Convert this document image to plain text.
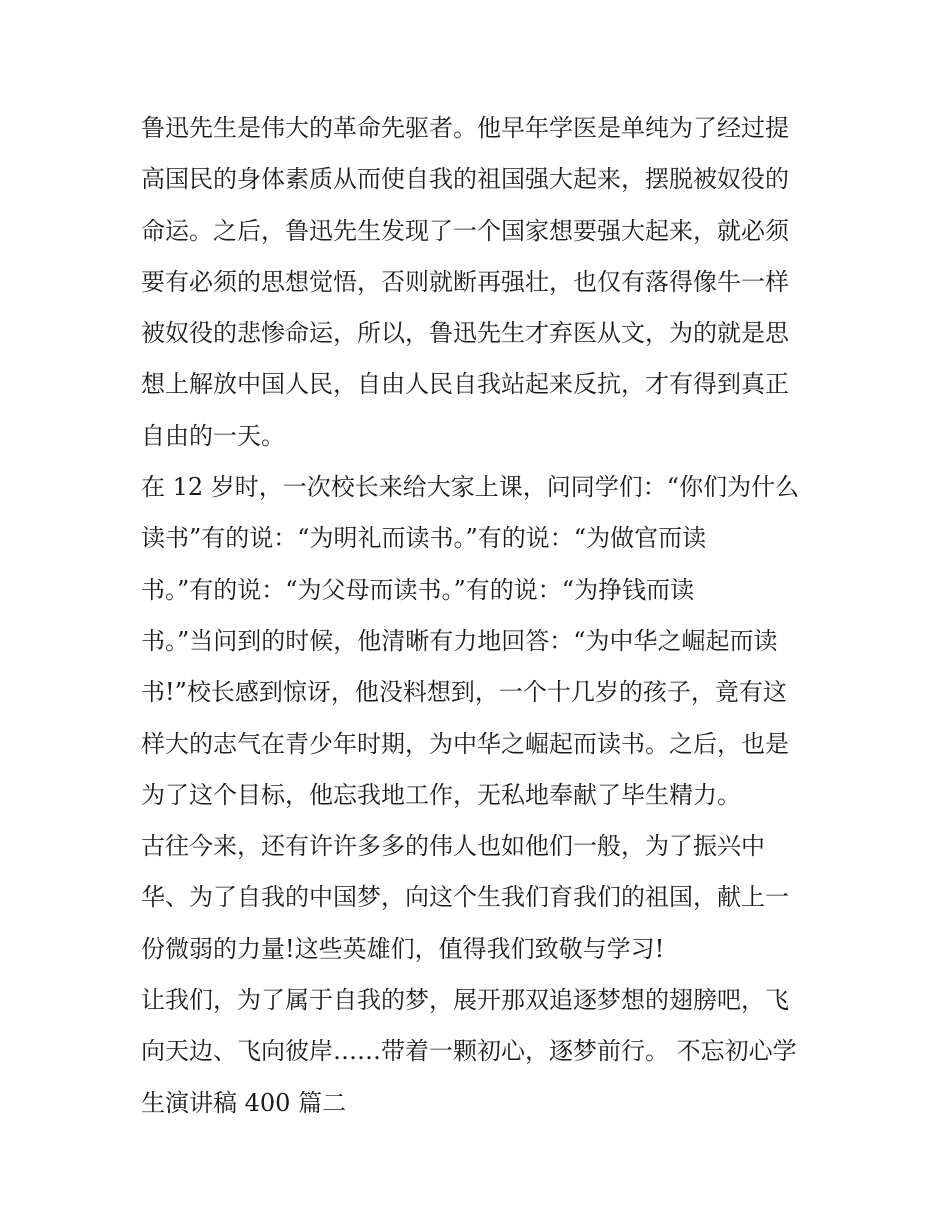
鲁迅先生是伟大的革命先驱者。他早年学医是单纯为了经过提
高国民的身体素质从而使自我的祖国强大起来，摆脱被奴役的
命运。之后，鲁迅先生发现了一个国家想要强大起来，就必须
要有必须的思想觉悟，否则就断再强壮，也仅有落得像牛一样
被奴役的悲惨命运，所以，鲁迅先生才弃医从文，为的就是思
想上解放中国人民，自由人民自我站起来反抗，才有得到真正
自由的一天。
在 12 岁时，一次校长来给大家上课，问同学们：“你们为什么
读书”有的说：“为明礼而读书。”有的说：“为做官而读
书。”有的说：“为父母而读书。”有的说：“为挣钱而读
书。”当问到的时候，他清晰有力地回答：“为中华之崛起而读
书!”校长感到惊讶，他没料想到，一个十几岁的孩子，竟有这
样大的志气在青少年时期，为中华之崛起而读书。之后，也是
为了这个目标，他忘我地工作，无私地奉献了毕生精力。
古往今来，还有许许多多的伟人也如他们一般，为了振兴中
华、为了自我的中国梦，向这个生我们育我们的祖国，献上一
份微弱的力量!这些英雄们，值得我们致敬与学习!
让我们，为了属于自我的梦，展开那双追逐梦想的翅膀吧，飞
向天边、飞向彼岸……带着一颗初心，逐梦前行。 不忘初心学
生演讲稿 400 篇二
